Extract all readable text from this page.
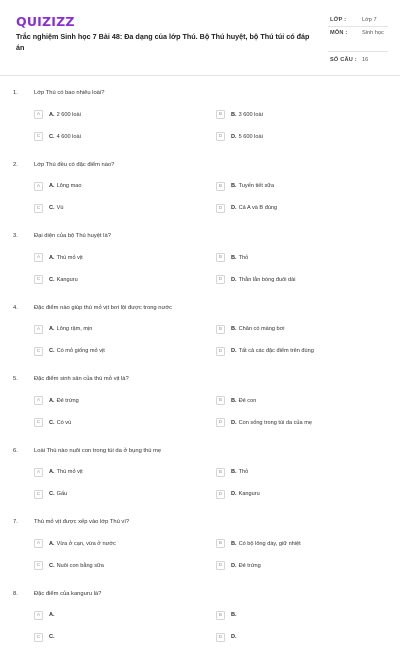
QUIZIZZ
Trắc nghiệm Sinh học 7 Bài 48: Đa dạng của lớp Thú. Bộ Thú huyệt, bộ Thú túi có đáp án
LỚP :	Lớp 7
MÔN :	Sinh học
SỐ CÂU : 16
1.	Lớp Thú có bao nhiêu loài?
A	A. 2 600 loài	B	B. 3 600 loài
C	C. 4 600 loài	D	D. 5 600 loài
2.	Lớp Thú đều có đặc điểm nào?
A	A. Lông mao	B	B. Tuyến tiết sữa
C	C. Vú	D	D. Cả A và B đúng
3.	Đại diện của bộ Thú huyệt là?
A	A. Thú mỏ vịt	B	B. Thỏ
C	C. Kanguru	D	D. Thằn lằn bóng đuôi dài
4.	Đặc điểm nào giúp thú mỏ vịt bơi lội được trong nước
A	A. Lông rậm, mịn	B	B. Chân có màng bơi
C	C. Có mỏ giống mỏ vịt	D	D. Tất cả các đặc điểm trên đúng
5.	Đặc điểm sinh sản của thú mỏ vịt là?
A	A. Đẻ trứng	B	B. Đẻ con
C	C. Có vú	D	D. Con sống trong túi da của mẹ
6.	Loài Thú nào nuôi con trong túi da ở bụng thú mẹ
A	A. Thú mỏ vịt	B	B. Thỏ
C	C. Gấu	D	D. Kanguru
7.	Thú mỏ vịt được xếp vào lớp Thú vì?
A	A. Vừa ở cạn, vừa ở nước	B	B. Có bộ lông dày, giữ nhiệt
C	C. Nuôi con bằng sữa	D	D. Đẻ trứng
8.	Đặc điểm của kanguru là?
A	A.	B	B.
C	C.	D	D.
